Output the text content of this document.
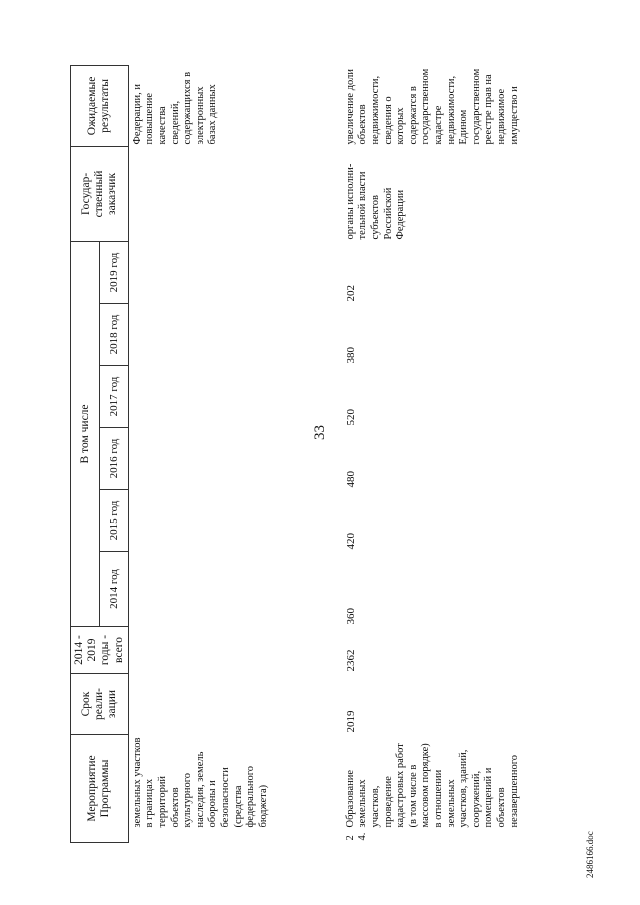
33
2486166.doc
Мероприятие Программы		Срок реали- зации	2014 - 2019 годы - всего	В том числе						Государ- ственный заказчик	Ожидаемые результаты
				2014 год	2015 год	2016 год	2017 год	2018 год	2019 год		
	земельных участков в границах территорий объектов культурного наследия, земель обороны и безопасности (средства федерального бюджета)										Федерации, и повышение качества сведений, содержащихся в электронных базах данных
24.	Образование земельных участков, проведение кадастровых работ (в том числе в массовом порядке) в отношении земельных участков, зданий, сооружений, помещений и объектов незавершенного	2019	2362	360	420	480	520	380	202	органы исполни- тельной власти субъектов Российской Федерации	увеличение доли объектов недвижимости, сведения о которых содержатся в государственном кадастре недвижимости, Едином государственном реестре прав на недвижимое имущество и
